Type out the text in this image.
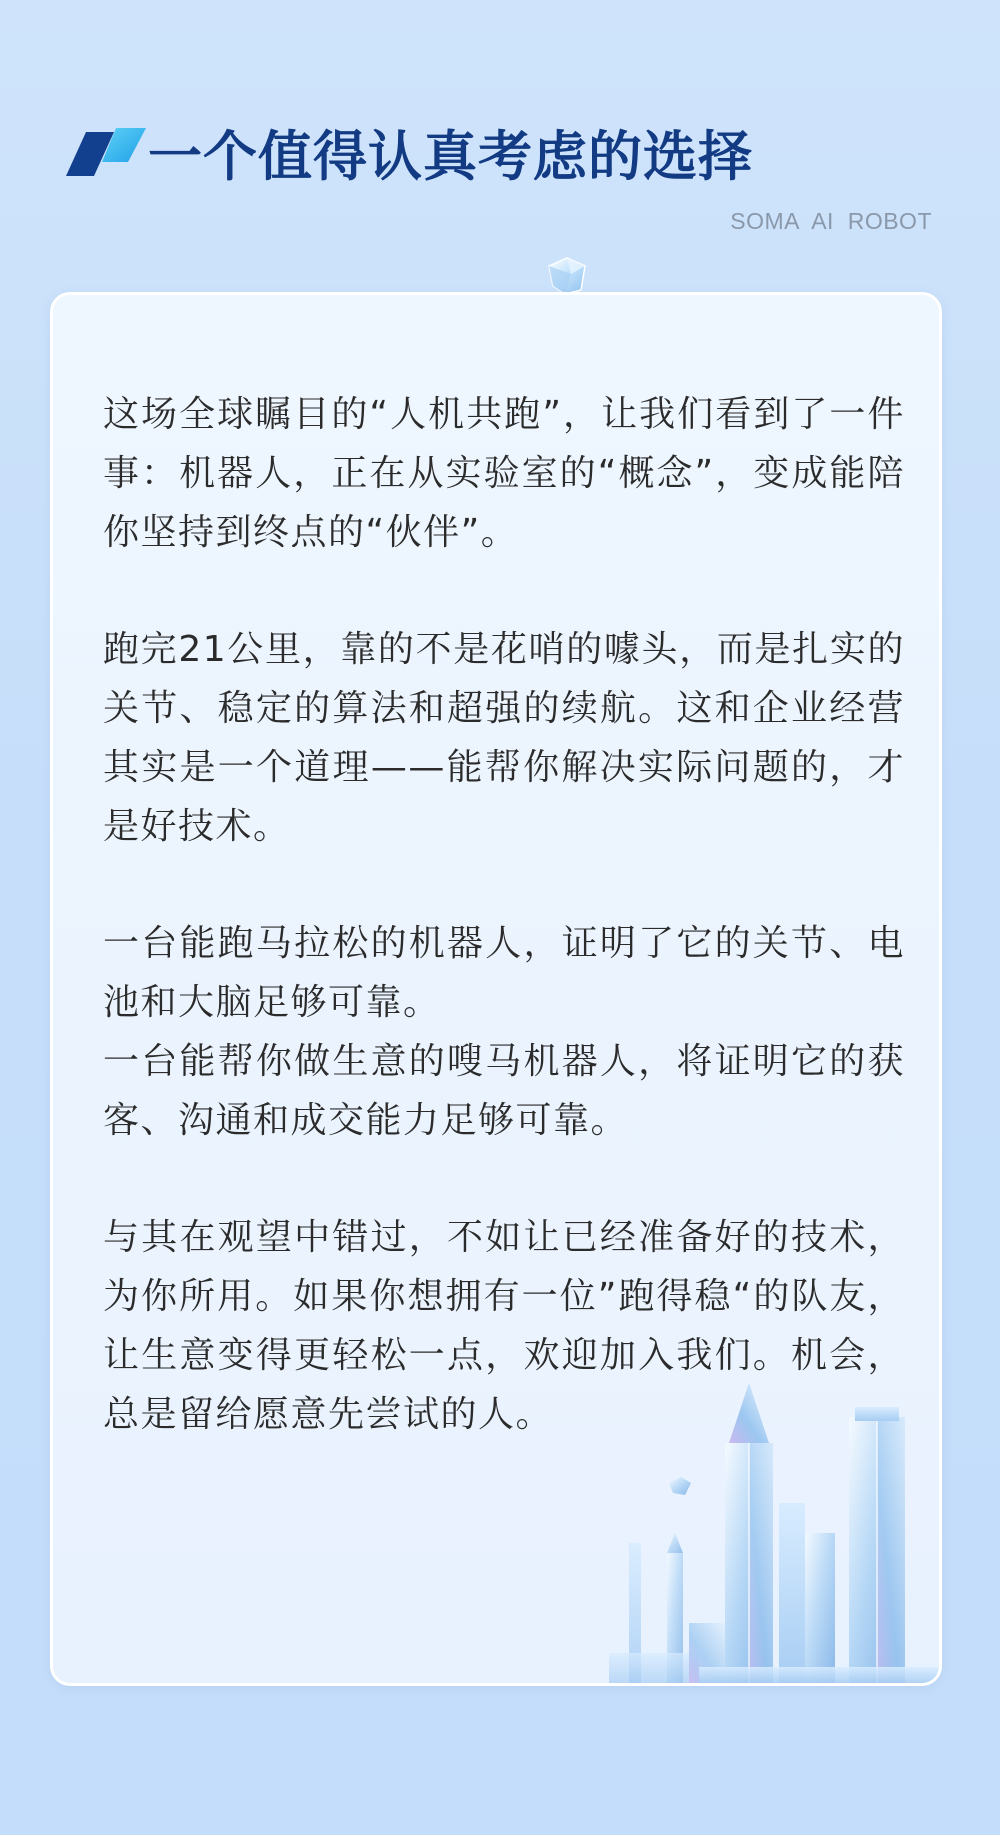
一个值得认真考虑的选择
SOMA  AI  ROBOT

这场全球瞩目的“人机共跑”，让我们看到了一件事：机器人，正在从实验室的“概念”，变成能陪你坚持到终点的“伙伴”。

跑完21公里，靠的不是花哨的噱头，而是扎实的关节、稳定的算法和超强的续航。这和企业经营其实是一个道理——能帮你解决实际问题的，才是好技术。

一台能跑马拉松的机器人，证明了它的关节、电池和大脑足够可靠。
一台能帮你做生意的嗖马机器人，将证明它的获客、沟通和成交能力足够可靠。

与其在观望中错过，不如让已经准备好的技术，为你所用。如果你想拥有一位”跑得稳“的队友，让生意变得更轻松一点，欢迎加入我们。机会，总是留给愿意先尝试的人。
